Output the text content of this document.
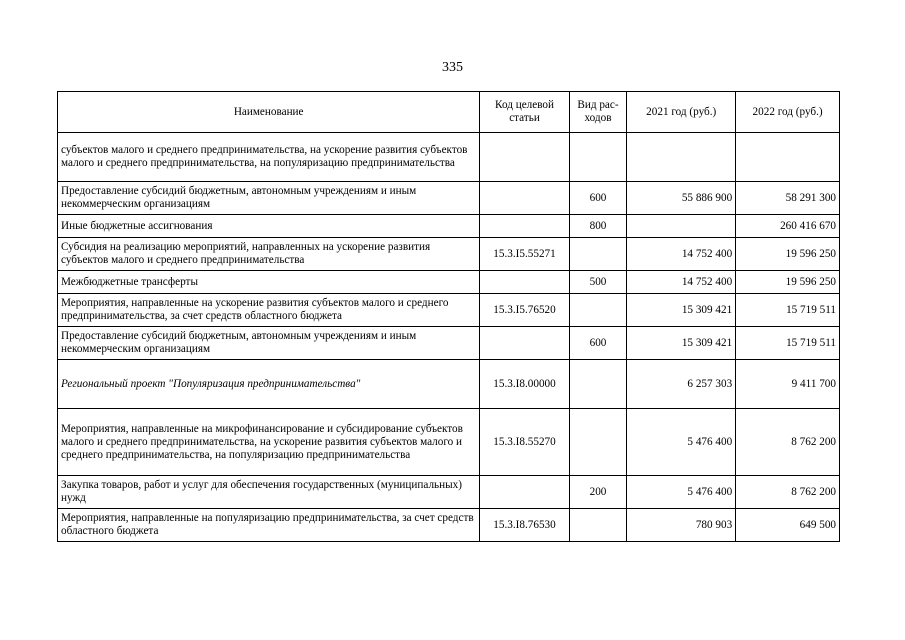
335
Наименование	Код целевой статьи	Вид рас-ходов	2021 год (руб.)	2022 год (руб.)
субъектов малого и среднего предпринимательства, на ускорение развития субъектов малого и среднего предпринимательства, на популяризацию предпринимательства				
Предоставление субсидий бюджетным, автономным учреждениям и иным некоммерческим организациям		600	55 886 900	58 291 300
Иные бюджетные ассигнования		800		260 416 670
Субсидия на реализацию мероприятий, направленных на ускорение развития субъектов малого и среднего предпринимательства	15.3.I5.55271		14 752 400	19 596 250
Межбюджетные трансферты		500	14 752 400	19 596 250
Мероприятия, направленные на ускорение развития субъектов малого и среднего предпринимательства, за счет средств областного бюджета	15.3.I5.76520		15 309 421	15 719 511
Предоставление субсидий бюджетным, автономным учреждениям и иным некоммерческим организациям		600	15 309 421	15 719 511
Региональный проект "Популяризация предпринимательства"	15.3.I8.00000		6 257 303	9 411 700
Мероприятия, направленные на микрофинансирование и субсидирование субъектов малого и среднего предпринимательства, на ускорение развития субъектов малого и среднего предпринимательства, на популяризацию предпринимательства	15.3.I8.55270		5 476 400	8 762 200
Закупка товаров, работ и услуг для обеспечения государственных (муниципальных) нужд		200	5 476 400	8 762 200
Мероприятия, направленные на популяризацию предпринимательства, за счет средств областного бюджета	15.3.I8.76530		780 903	649 500
